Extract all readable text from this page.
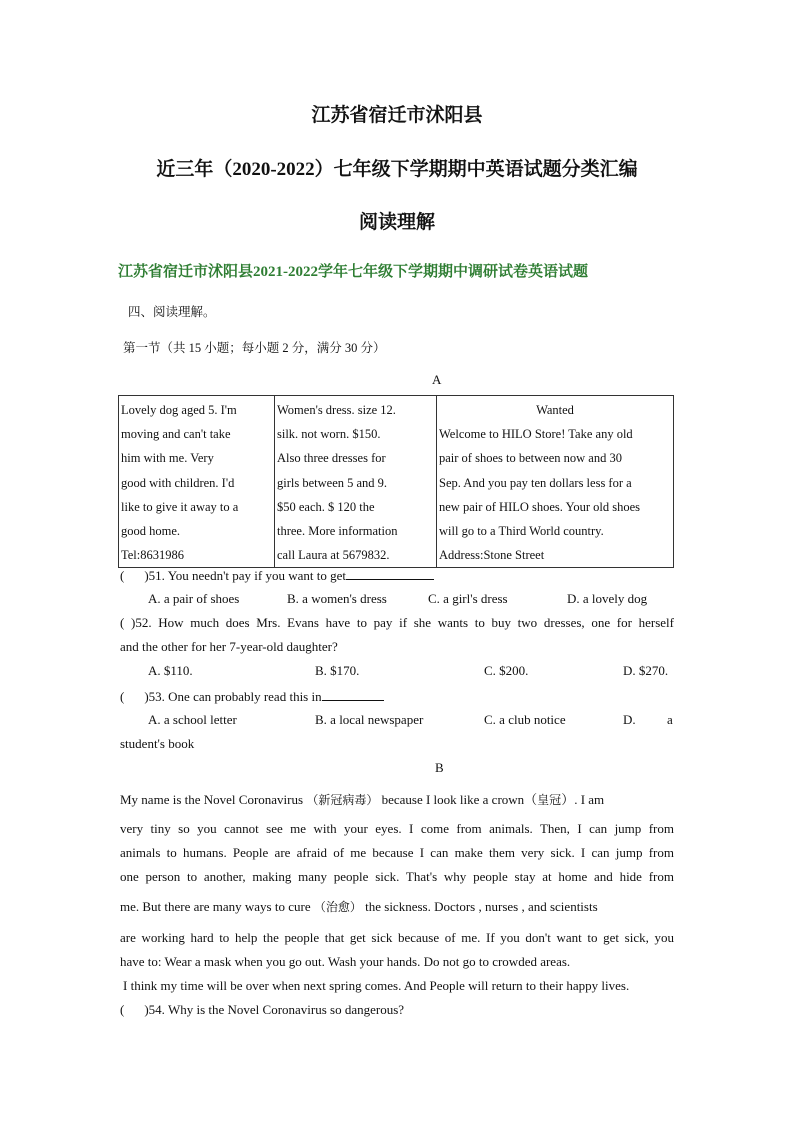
江苏省宿迁市沭阳县
近三年（2020-2022）七年级下学期期中英语试题分类汇编
阅读理解
江苏省宿迁市沭阳县2021-2022学年七年级下学期期中调研试卷英语试题
四、阅读理解。
第一节（共 15 小题；每小题 2 分，满分 30 分）
A
Lovely dog aged 5. I'm
moving and can't take
him with me. Very
good with children. I'd
like to give it away to a
good home.
Tel:8631986

Women's dress. size 12.
silk. not worn. $150.
Also three dresses for
girls between 5 and 9.
$50 each. $ 120 the
three. More information
call Laura at 5679832.

Wanted
Welcome to HILO Store! Take any old
pair of shoes to between now and 30
Sep. And you pay ten dollars less for a
new pair of HILO shoes. Your old shoes
will go to a Third World country.
Address:Stone Street
( )51. You needn't pay if you want to get
A. a pair of shoes	B. a women's dress	C. a girl's dress	D. a lovely dog
( )52. How much does Mrs. Evans have to pay if she wants to buy two dresses, one for herself
and the other for her 7-year-old daughter?
A. $110.	B. $170.	C. $200.	D. $270.
( )53. One can probably read this in
A. a school letter	B. a local newspaper	C. a club notice	D. a
student's book
B
My name is the Novel Coronavirus （新冠病毒） because I look like a crown（皇冠）. I am
very tiny so you cannot see me with your eyes. I come from animals. Then, I can jump from
animals to humans. People are afraid of me because I can make them very sick. I can jump from
one person to another, making many people sick. That's why people stay at home and hide from
me. But there are many ways to cure （治愈） the sickness. Doctors , nurses , and scientists
are working hard to help the people that get sick because of me. If you don't want to get sick, you
have to: Wear a mask when you go out. Wash your hands. Do not go to crowded areas.
I think my time will be over when next spring comes. And People will return to their happy lives.
( )54. Why is the Novel Coronavirus so dangerous?
